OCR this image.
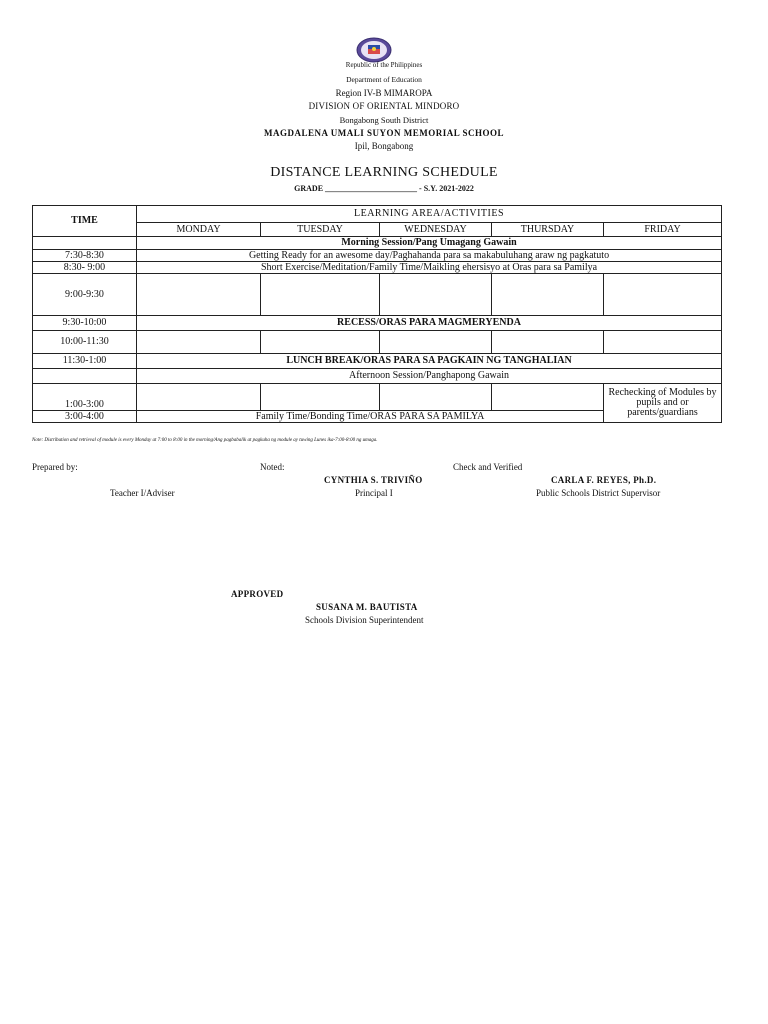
Republic of the Philippines
Department of Education
Region IV-B MIMAROPA
DIVISION OF ORIENTAL MINDORO
Bongabong South District
MAGDALENA UMALI SUYON MEMORIAL SCHOOL
Ipil, Bongabong
DISTANCE LEARNING SCHEDULE
GRADE _______________________ - S.Y. 2021-2022
TIME	LEARNING AREA/ACTIVITIES				
	MONDAY	TUESDAY	WEDNESDAY	THURSDAY	FRIDAY
	Morning Session/Pang Umagang Gawain				
7:30-8:30	Getting Ready for an awesome day/Paghahanda para sa makabuluhang araw ng pagkatuto				
8:30- 9:00	Short Exercise/Meditation/Family Time/Maikling ehersisyo at Oras para sa Pamilya				
9:00-9:30					
9:30-10:00	RECESS/ORAS PARA MAGMERYENDA				
10:00-11:30					
11:30-1:00	LUNCH BREAK/ORAS PARA SA PAGKAIN NG TANGHALIAN				
	Afternoon Session/Panghapong Gawain				
1:00-3:00					Rechecking of Modules by pupils and or parents/guardians
3:00-4:00	Family Time/Bonding Time/ORAS PARA SA PAMILYA				
Note: Distribution and retrieval of module is every Monday at 7:00 to 8:00 in the morning/Ang pagbabalik at pagkuha ng module ay tuwing Lunes ika-7:00-8:00 ng umaga.
Prepared by:
Teacher I/Adviser
Noted:
CYNTHIA S. TRIVIÑO
Principal I
Check and Verified
CARLA F. REYES, Ph.D.
Public Schools District Supervisor
APPROVED
SUSANA M. BAUTISTA
Schools Division Superintendent
